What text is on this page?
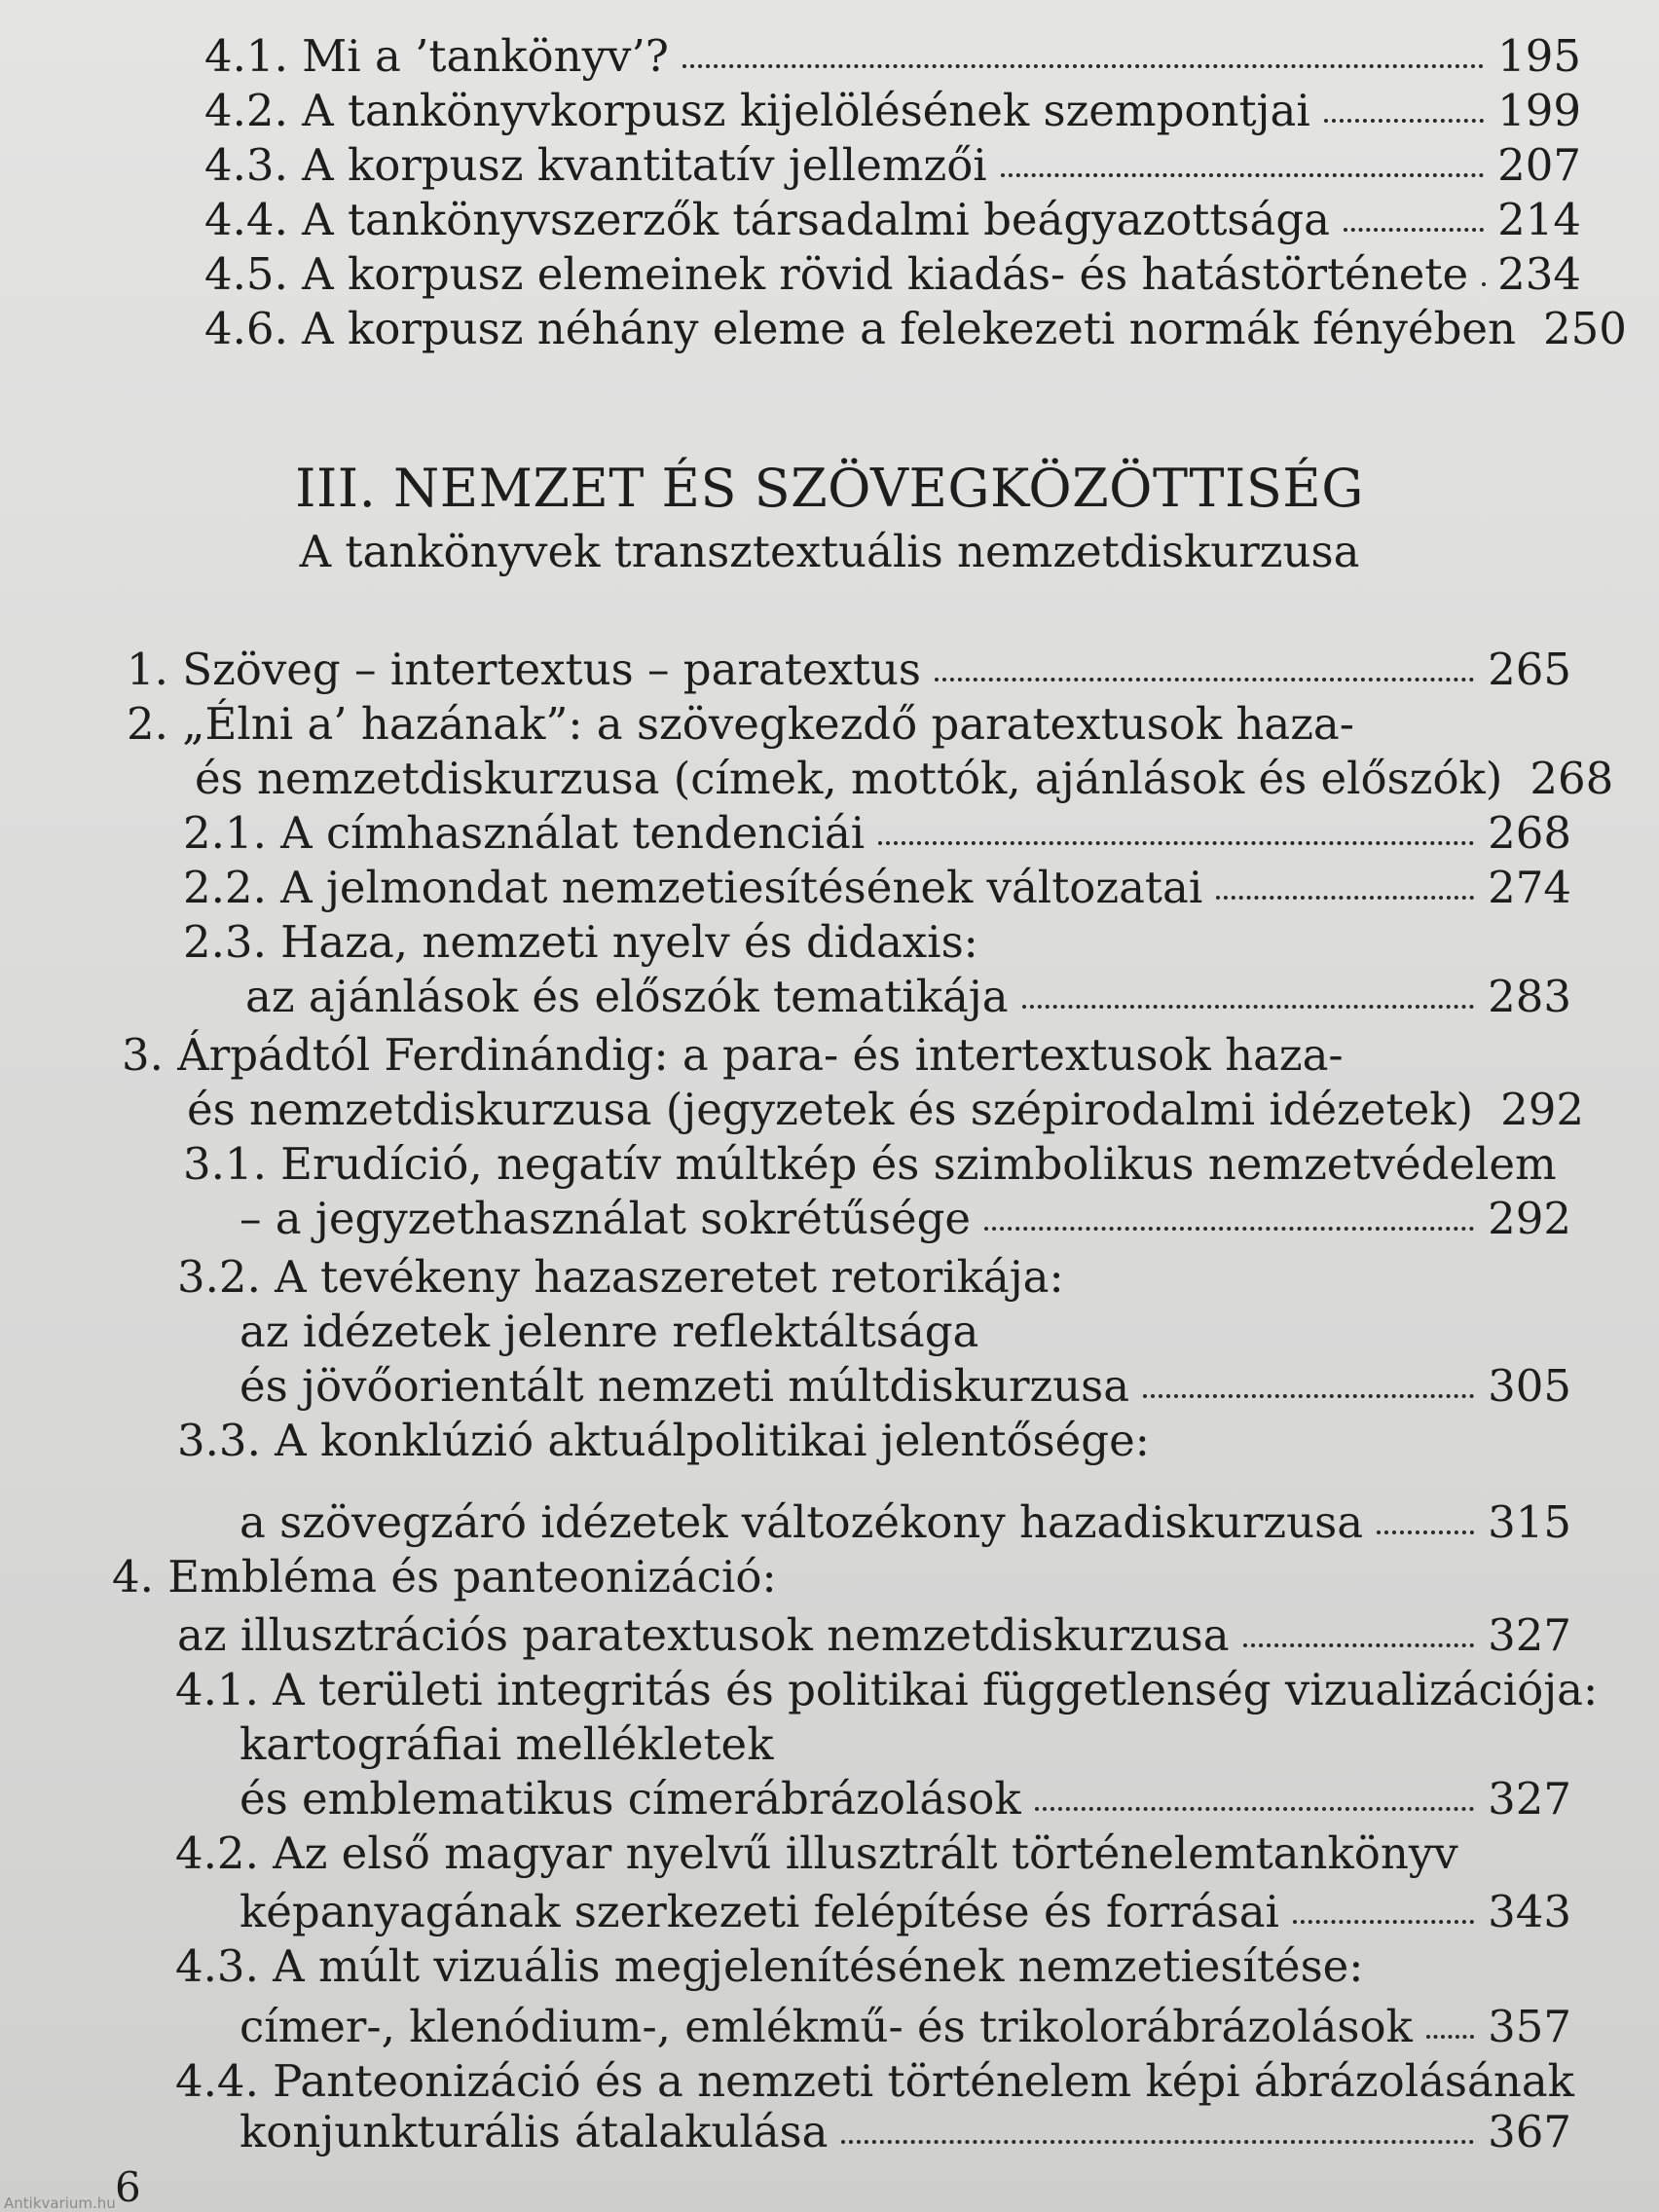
4.1. Mi a ’tankönyv’?	195
4.2. A tankönyvkorpusz kijelölésének szempontjai	199
4.3. A korpusz kvantitatív jellemzői	207
4.4. A tankönyvszerzők társadalmi beágyazottsága	214
4.5. A korpusz elemeinek rövid kiadás- és hatástörténete 234
4.6. A korpusz néhány eleme a felekezeti normák fényében 250
III. NEMZET ÉS SZÖVEGKÖZÖTTISÉG
A tankönyvek transztextuális nemzetdiskurzusa
1. Szöveg – intertextus – paratextus	265
2. „Élni a’ hazának”: a szövegkezdő paratextusok haza-
és nemzetdiskurzusa (címek, mottók, ajánlások és előszók) 268
2.1. A címhasználat tendenciái	268
2.2. A jelmondat nemzetiesítésének változatai	274
2.3. Haza, nemzeti nyelv és didaxis:
az ajánlások és előszók tematikája	283
3. Árpádtól Ferdinándig: a para- és intertextusok haza-
és nemzetdiskurzusa (jegyzetek és szépirodalmi idézetek) 292
3.1. Erudíció, negatív múltkép és szimbolikus nemzetvédelem
– a jegyzethasználat sokrétűsége	292
3.2. A tevékeny hazaszeretet retorikája:
az idézetek jelenre reflektáltsága
és jövőorientált nemzeti múltdiskurzusa	305
3.3. A konklúzió aktuálpolitikai jelentősége:
a szövegzáró idézetek változékony hazadiskurzusa	315
4. Embléma és panteonizáció:
az illusztrációs paratextusok nemzetdiskurzusa	327
4.1. A területi integritás és politikai függetlenség vizualizációja:
kartográfiai mellékletek
és emblematikus címerábrázolások	327
4.2. Az első magyar nyelvű illusztrált történelemtankönyv
képanyagának szerkezeti felépítése és forrásai	343
4.3. A múlt vizuális megjelenítésének nemzetiesítése:
címer-, klenódium-, emlékmű- és trikolorábrázolások 357
4.4. Panteonizáció és a nemzeti történelem képi ábrázolásának
konjunkturális átalakulása	367
6
Antikvarium.hu
